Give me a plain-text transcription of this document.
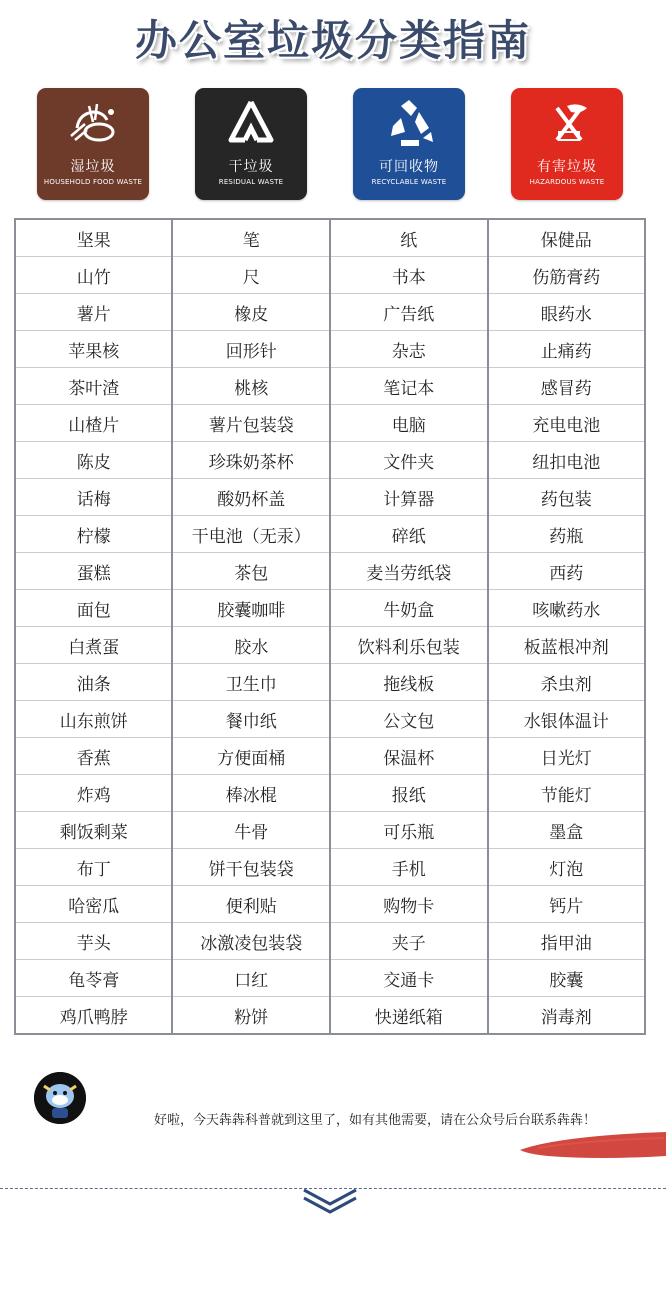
办公室垃圾分类指南
湿垃圾
HOUSEHOLD FOOD WASTE
干垃圾
RESIDUAL WASTE
可回收物
RECYCLABLE WASTE
有害垃圾
HAZARDOUS WASTE
坚果	笔	纸	保健品
山竹	尺	书本	伤筋膏药
薯片	橡皮	广告纸	眼药水
苹果核	回形针	杂志	止痛药
茶叶渣	桃核	笔记本	感冒药
山楂片	薯片包装袋	电脑	充电电池
陈皮	珍珠奶茶杯	文件夹	纽扣电池
话梅	酸奶杯盖	计算器	药包装
柠檬	干电池（无汞）	碎纸	药瓶
蛋糕	茶包	麦当劳纸袋	西药
面包	胶囊咖啡	牛奶盒	咳嗽药水
白煮蛋	胶水	饮料利乐包装	板蓝根冲剂
油条	卫生巾	拖线板	杀虫剂
山东煎饼	餐巾纸	公文包	水银体温计
香蕉	方便面桶	保温杯	日光灯
炸鸡	棒冰棍	报纸	节能灯
剩饭剩菜	牛骨	可乐瓶	墨盒
布丁	饼干包装袋	手机	灯泡
哈密瓜	便利贴	购物卡	钙片
芋头	冰激凌包装袋	夹子	指甲油
龟苓膏	口红	交通卡	胶囊
鸡爪鸭脖	粉饼	快递纸箱	消毒剂
好啦，今天犇犇科普就到这里了，如有其他需要，请在公众号后台联系犇犇！
